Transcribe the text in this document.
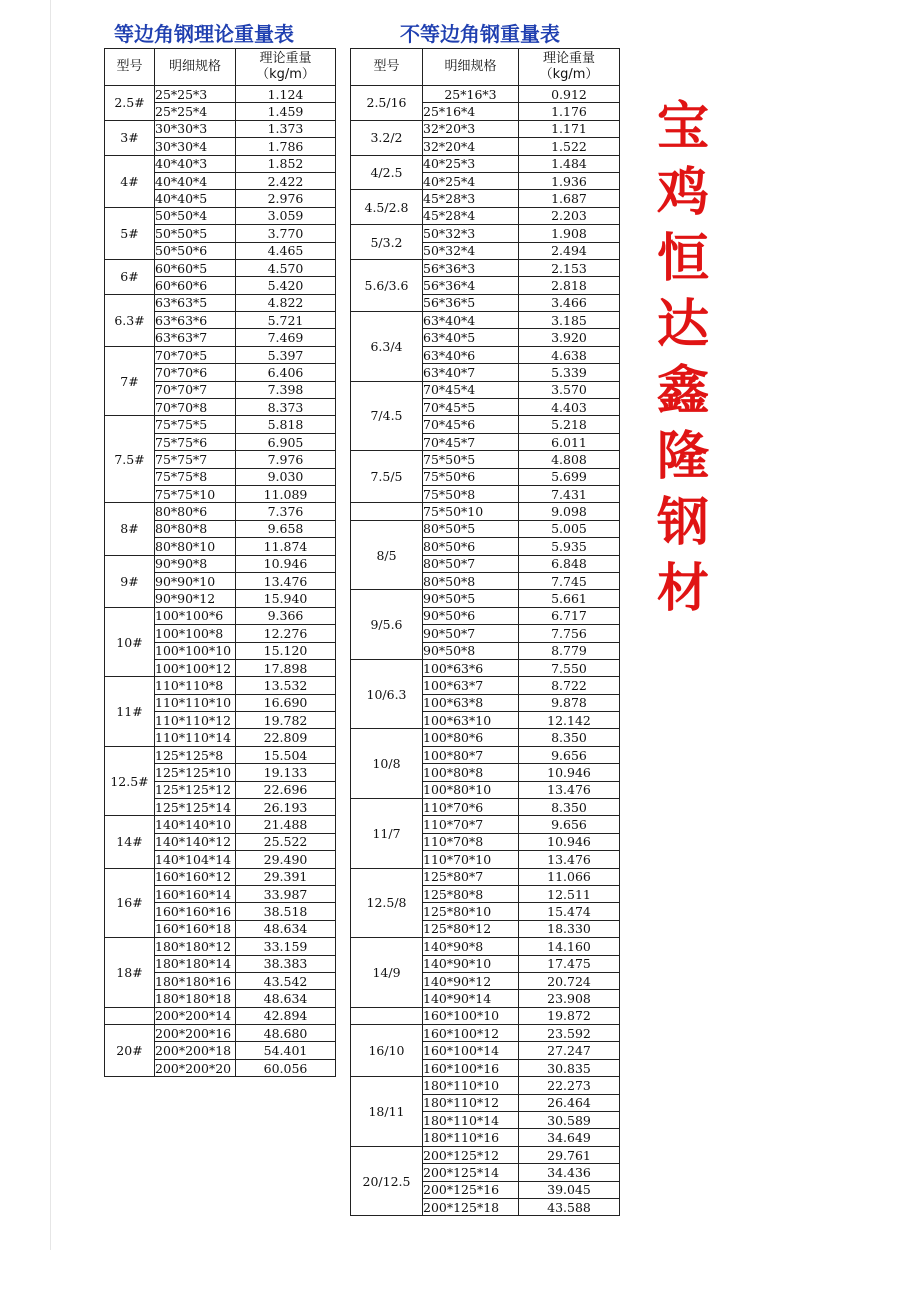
等边角钢理论重量表	不等边角钢重量表
型号	明细规格	理论重量
（kg/m）
2.5#	25*25*3	1.124
	25*25*4	1.459
3#	30*30*3	1.373
	30*30*4	1.786
4#	40*40*3	1.852
	40*40*4	2.422
	40*40*5	2.976
5#	50*50*4	3.059
	50*50*5	3.770
	50*50*6	4.465
6#	60*60*5	4.570
	60*60*6	5.420
6.3#	63*63*5	4.822
	63*63*6	5.721
	63*63*7	7.469
7#	70*70*5	5.397
	70*70*6	6.406
	70*70*7	7.398
	70*70*8	8.373
7.5#	75*75*5	5.818
	75*75*6	6.905
	75*75*7	7.976
	75*75*8	9.030
	75*75*10	11.089
8#	80*80*6	7.376
	80*80*8	9.658
	80*80*10	11.874
9#	90*90*8	10.946
	90*90*10	13.476
	90*90*12	15.940
10#	100*100*6	9.366
	100*100*8	12.276
	100*100*10	15.120
	100*100*12	17.898
11#	110*110*8	13.532
	110*110*10	16.690
	110*110*12	19.782
	110*110*14	22.809
12.5#	125*125*8	15.504
	125*125*10	19.133
	125*125*12	22.696
	125*125*14	26.193
14#	140*140*10	21.488
	140*140*12	25.522
	140*104*14	29.490
16#	160*160*12	29.391
	160*160*14	33.987
	160*160*16	38.518
	160*160*18	48.634
18#	180*180*12	33.159
	180*180*14	38.383
	180*180*16	43.542
	180*180*18	48.634
	200*200*14	42.894
20#	200*200*16	48.680
	200*200*18	54.401
	200*200*20	60.056
型号	明细规格	理论重量
（kg/m）
2.5/16	25*16*3	0.912
	25*16*4	1.176
3.2/2	32*20*3	1.171
	32*20*4	1.522
4/2.5	40*25*3	1.484
	40*25*4	1.936
4.5/2.8	45*28*3	1.687
	45*28*4	2.203
5/3.2	50*32*3	1.908
	50*32*4	2.494
5.6/3.6	56*36*3	2.153
	56*36*4	2.818
	56*36*5	3.466
6.3/4	63*40*4	3.185
	63*40*5	3.920
	63*40*6	4.638
	63*40*7	5.339
7/4.5	70*45*4	3.570
	70*45*5	4.403
	70*45*6	5.218
	70*45*7	6.011
7.5/5	75*50*5	4.808
	75*50*6	5.699
	75*50*8	7.431
	75*50*10	9.098
8/5	80*50*5	5.005
	80*50*6	5.935
	80*50*7	6.848
	80*50*8	7.745
9/5.6	90*50*5	5.661
	90*50*6	6.717
	90*50*7	7.756
	90*50*8	8.779
10/6.3	100*63*6	7.550
	100*63*7	8.722
	100*63*8	9.878
	100*63*10	12.142
10/8	100*80*6	8.350
	100*80*7	9.656
	100*80*8	10.946
	100*80*10	13.476
11/7	110*70*6	8.350
	110*70*7	9.656
	110*70*8	10.946
	110*70*10	13.476
12.5/8	125*80*7	11.066
	125*80*8	12.511
	125*80*10	15.474
	125*80*12	18.330
14/9	140*90*8	14.160
	140*90*10	17.475
	140*90*12	20.724
	140*90*14	23.908
	160*100*10	19.872
16/10	160*100*12	23.592
	160*100*14	27.247
	160*100*16	30.835
18/11	180*110*10	22.273
	180*110*12	26.464
	180*110*14	30.589
	180*110*16	34.649
20/12.5	200*125*12	29.761
	200*125*14	34.436
	200*125*16	39.045
	200*125*18	43.588
宝
鸡
恒
达
鑫
隆
钢
材
